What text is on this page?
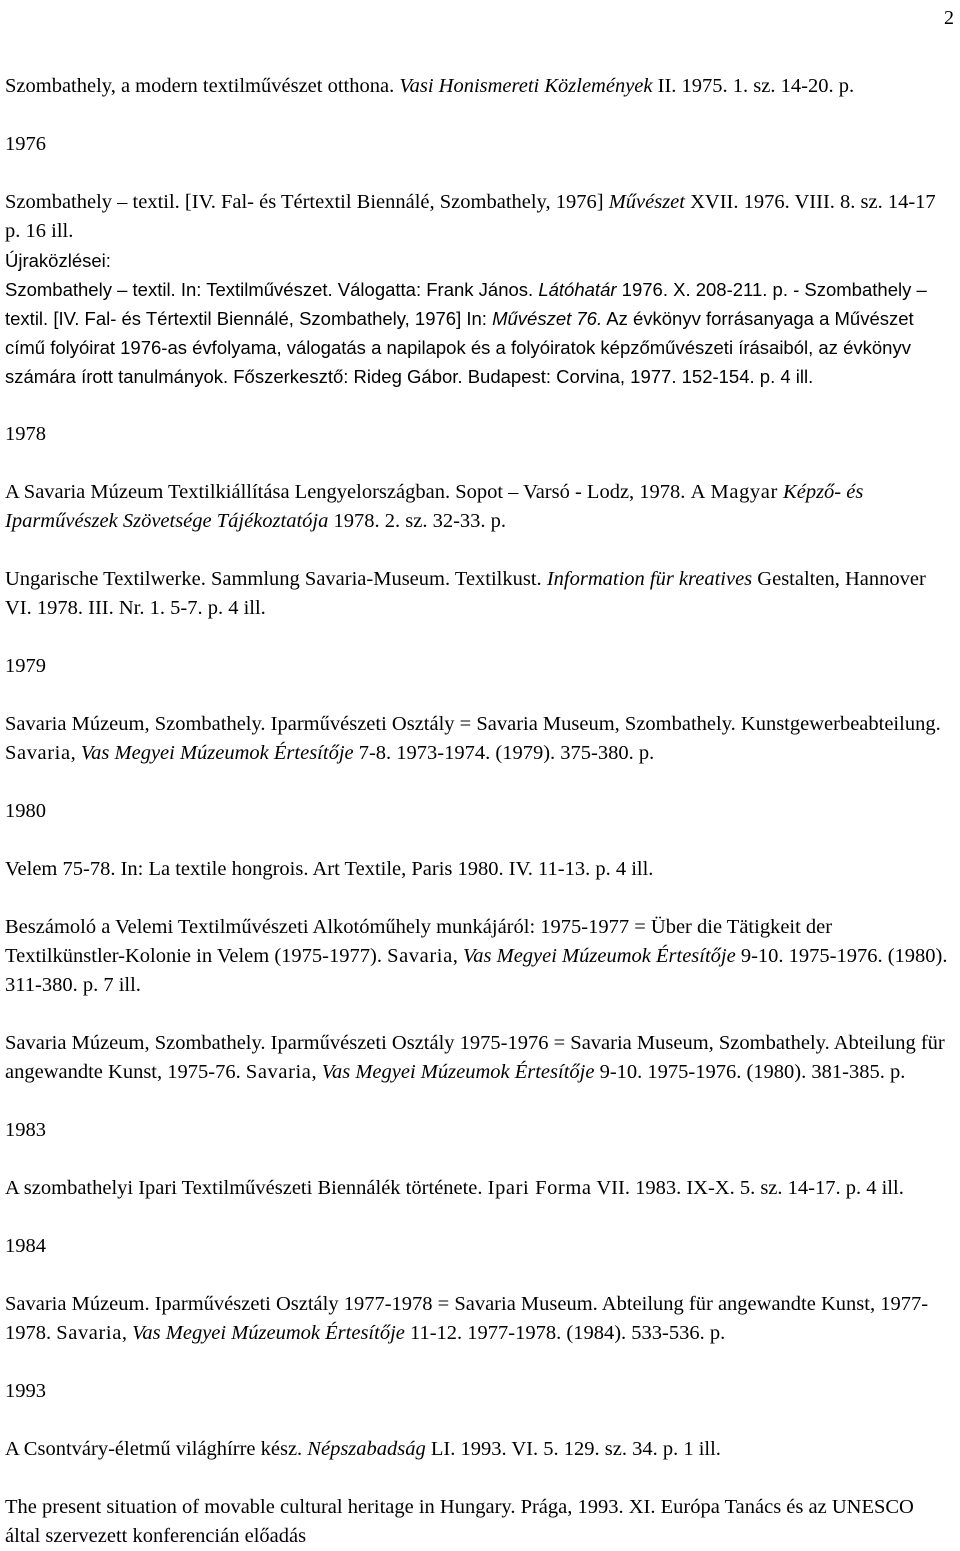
2

Szombathely, a modern textilművészet otthona. Vasi Honismereti Közlemények II. 1975. 1. sz. 14-20. p.

1976

Szombathely – textil. [IV. Fal- és Tértextil Biennálé, Szombathely, 1976] Művészet XVII. 1976. VIII. 8. sz. 14-17 p. 16 ill.

Újraközlései:
Szombathely – textil. In: Textilművészet. Válogatta: Frank János. Látóhatár 1976. X. 208-211. p. - Szombathely – textil. [IV. Fal- és Tértextil Biennálé, Szombathely, 1976] In: Művészet 76. Az évkönyv forrásanyaga a Művészet című folyóirat 1976-as évfolyama, válogatás a napilapok és a folyóiratok képzőművészeti írásaiból, az évkönyv számára írott tanulmányok. Főszerkesztő: Rideg Gábor. Budapest: Corvina, 1977. 152-154. p. 4 ill.

1978

A Savaria Múzeum Textilkiállítása Lengyelországban. Sopot – Varsó - Lodz, 1978. A Magyar Képző- és Iparművészek Szövetsége Tájékoztatója 1978. 2. sz. 32-33. p.

Ungarische Textilwerke. Sammlung Savaria-Museum. Textilkust. Information für kreatives Gestalten, Hannover VI. 1978. III. Nr. 1. 5-7. p. 4 ill.

1979

Savaria Múzeum, Szombathely. Iparművészeti Osztály = Savaria Museum, Szombathely. Kunstgewerbeabteilung. Savaria, Vas Megyei Múzeumok Értesítője 7-8. 1973-1974. (1979). 375-380. p.

1980

Velem 75-78. In: La textile hongrois. Art Textile, Paris 1980. IV. 11-13. p. 4 ill.

Beszámoló a Velemi Textilművészeti Alkotóműhely munkájáról: 1975-1977 = Über die Tätigkeit der Textilkünstler-Kolonie in Velem (1975-1977). Savaria, Vas Megyei Múzeumok Értesítője 9-10. 1975-1976. (1980). 311-380. p. 7 ill.

Savaria Múzeum, Szombathely. Iparművészeti Osztály 1975-1976 = Savaria Museum, Szombathely. Abteilung für angewandte Kunst, 1975-76. Savaria, Vas Megyei Múzeumok Értesítője 9-10. 1975-1976. (1980). 381-385. p.

1983

A szombathelyi Ipari Textilművészeti Biennálék története. Ipari Forma VII. 1983. IX-X. 5. sz. 14-17. p. 4 ill.

1984

Savaria Múzeum. Iparművészeti Osztály 1977-1978 = Savaria Museum. Abteilung für angewandte Kunst, 1977-1978. Savaria, Vas Megyei Múzeumok Értesítője 11-12. 1977-1978. (1984). 533-536. p.

1993

A Csontváry-életmű világhírre kész. Népszabadság LI. 1993. VI. 5. 129. sz. 34. p. 1 ill.

The present situation of movable cultural heritage in Hungary. Prága, 1993. XI. Európa Tanács és az UNESCO által szervezett konferencián előadás
